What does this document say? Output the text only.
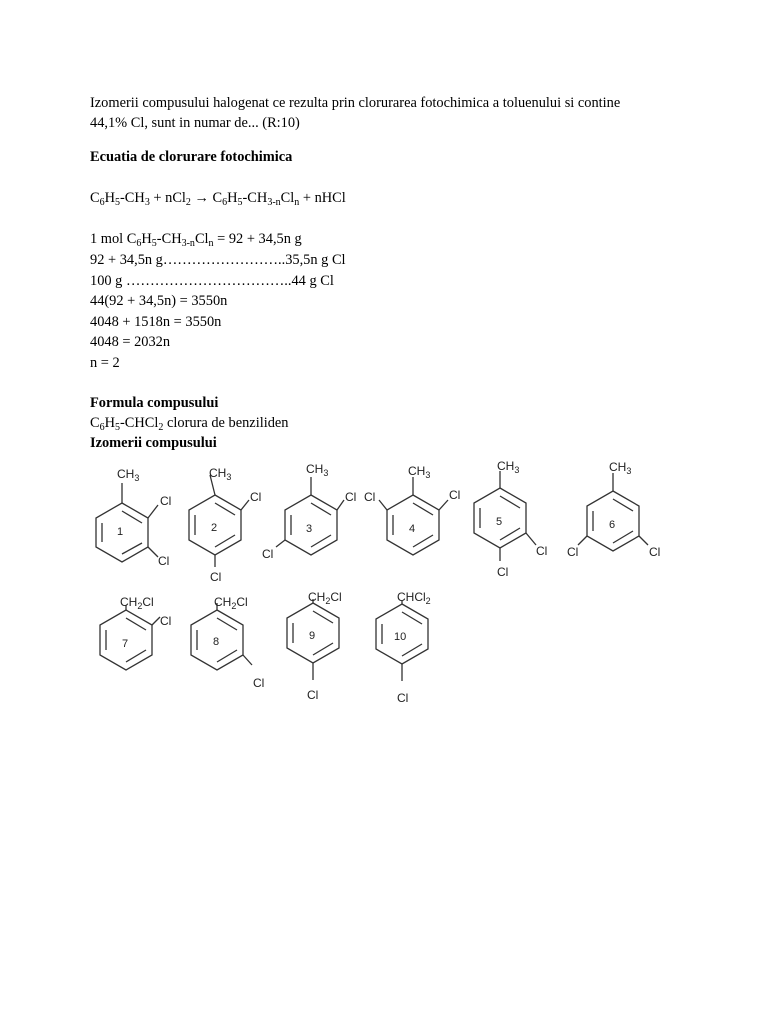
Izomerii compusului halogenat ce rezulta prin clorurarea fotochimica a toluenului si contine
44,1% Cl, sunt in numar de... (R:10)
Ecuatia de clorurare fotochimica
$C_6H_5-CH_3 + nCl_2 \to C_6H_5-CH_{3-n}Cl_n$ + nHCl
1 mol $C_6H_5-CH_{3-n}Cl_n = 92 + 34,5n$ g
92 + 34,5n g……………………..35,5n g Cl
100 g ……………………………..44 g Cl
44(92 + 34,5n) = 3550n
4048 + 1518n = 3550n
4048 = 2032n
n = 2
Formula compusului
$C_6H_5-CHCl_2$ clorura de benziliden
Izomerii compusului
$CH_3$
Cl
Cl
1
$CH_3$
Cl
Cl
2
$CH_3$
Cl
Cl
3
$CH_3$
Cl
Cl
4
$CH_3$
Cl
Cl
5
$CH_3$
Cl
Cl
6
$CH_2Cl$
Cl
7
$CH_2Cl$
Cl
8
$CH_2Cl$
Cl
9
CHCl$_2$
Cl
10
